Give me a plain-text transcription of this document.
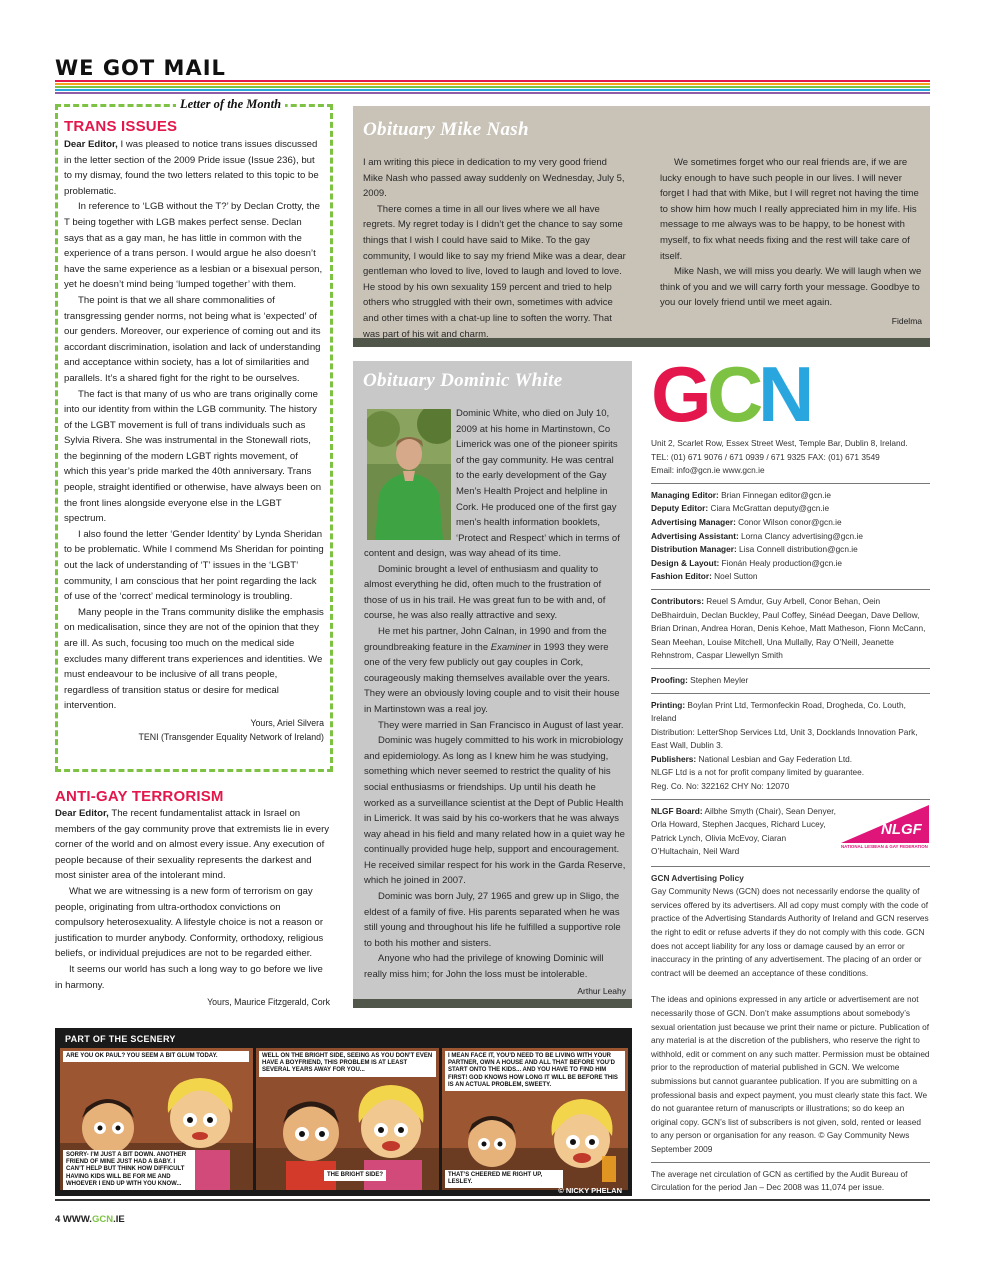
WE GOT MAIL
Letter of the Month
TRANS ISSUES

Dear Editor, I was pleased to notice trans issues discussed in the letter section of the 2009 Pride issue (Issue 236), but to my dismay, found the two letters related to this topic to be problematic.

In reference to ‘LGB without the T?’ by Declan Crotty, the T being together with LGB makes perfect sense. Declan says that as a gay man, he has little in common with the experience of a trans person. I would argue he also doesn’t have the same experience as a lesbian or a bisexual person, yet he doesn’t mind being ‘lumped together’ with them.

The point is that we all share commonalities of transgressing gender norms, not being what is ‘expected’ of our genders. Moreover, our experience of coming out and its accordant discrimination, isolation and lack of understanding and acceptance within society, has a lot of similarities and parallels. It’s a shared fight for the right to be ourselves.

The fact is that many of us who are trans originally come into our identity from within the LGB community. The history of the LGBT movement is full of trans individuals such as Sylvia Rivera. She was instrumental in the Stonewall riots, the beginning of the modern LGBT rights movement, of which this year’s pride marked the 40th anniversary. Trans people, straight identified or otherwise, have always been on the front lines alongside everyone else in the LGBT spectrum.

I also found the letter ‘Gender Identity’ by Lynda Sheridan to be problematic. While I commend Ms Sheridan for pointing out the lack of understanding of ‘T’ issues in the ‘LGBT’ community, I am conscious that her point regarding the lack of use of the ‘correct’ medical terminology is troubling.

Many people in the Trans community dislike the emphasis on medicalisation, since they are not of the opinion that they are ill. As such, focusing too much on the medical side excludes many different trans experiences and identities. We must endeavour to be inclusive of all trans people, regardless of transition status or desire for medical intervention.

Yours, Ariel Silvera
TENI (Transgender Equality Network of Ireland)
ANTI-GAY TERRORISM

Dear Editor, The recent fundamentalist attack in Israel on members of the gay community prove that extremists lie in every corner of the world and on almost every issue. Any execution of people because of their sexuality represents the darkest and most sinister area of the intolerant mind.

What we are witnessing is a new form of terrorism on gay people, originating from ultra-orthodox convictions on compulsory heterosexuality. A lifestyle choice is not a reason or justification to murder anybody. Conformity, orthodoxy, religious beliefs, or individual prejudices are not to be regarded either.

It seems our world has such a long way to go before we live in harmony.

Yours, Maurice Fitzgerald, Cork
Obituary Mike Nash

I am writing this piece in dedication to my very good friend Mike Nash who passed away suddenly on Wednesday, July 5, 2009.

There comes a time in all our lives where we all have regrets. My regret today is I didn’t get the chance to say some things that I wish I could have said to Mike. To the gay community, I would like to say my friend Mike was a dear, dear gentleman who loved to live, loved to laugh and loved to love. He stood by his own sexuality 159 percent and tried to help others who struggled with their own, sometimes with advice and other times with a chat-up line to soften the worry. That was part of his wit and charm.

We sometimes forget who our real friends are, if we are lucky enough to have such people in our lives. I will never forget I had that with Mike, but I will regret not having the time to show him how much I really appreciated him in my life. His message to me always was to be happy, to be honest with myself, to fix what needs fixing and the rest will take care of itself.

Mike Nash, we will miss you dearly. We will laugh when we think of you and we will carry forth your message. Goodbye to you our lovely friend until we meet again.

Fidelma
Obituary Dominic White
Dominic White, who died on July 10,
2009 at his home in Martinstown, Co
Limerick was one of the pioneer spirits
of the gay community. He was central
to the early development of the Gay
Men’s Health Project and helpline in
Cork. He produced one of the first gay
men’s health information booklets,
‘Protect and Respect’ which in terms of

content and design, was way ahead of its time.

Dominic brought a level of enthusiasm and quality to almost everything he did, often much to the frustration of those of us in his trail. He was great fun to be with and, of course, he was also really attractive and sexy.

He met his partner, John Calnan, in 1990 and from the groundbreaking feature in the Examiner in 1993 they were one of the very few publicly out gay couples in Cork, courageously making themselves available over the years. They were an obviously loving couple and to visit their house in Martinstown was a real joy.

They were married in San Francisco in August of last year.

Dominic was hugely committed to his work in microbiology and epidemiology. As long as I knew him he was studying, something which never seemed to restrict the quality of his social enthusiasms or friendships. Up until his death he worked as a surveillance scientist at the Dept of Public Health in Limerick. It was said by his co-workers that he was always way ahead in his field and many related how in a quiet way he continually provided huge help, support and encouragement. He received similar respect for his work in the Garda Reserve, which he joined in 2007.

Dominic was born July, 27 1965 and grew up in Sligo, the eldest of a family of five. His parents separated when he was still young and throughout his life he fulfilled a supportive role to both his mother and sisters.

Anyone who had the privilege of knowing Dominic will really miss him; for John the loss must be intolerable.

Arthur Leahy
G C N
Unit 2, Scarlet Row, Essex Street West, Temple Bar, Dublin 8, Ireland.
TEL: (01) 671 9076 / 671 0939 / 671 9325 FAX: (01) 671 3549
Email: info@gcn.ie www.gcn.ie
Managing Editor: Brian Finnegan editor@gcn.ie
Deputy Editor: Ciara McGrattan deputy@gcn.ie
Advertising Manager: Conor Wilson conor@gcn.ie
Advertising Assistant: Lorna Clancy advertising@gcn.ie
Distribution Manager: Lisa Connell distribution@gcn.ie
Design & Layout: Fionán Healy production@gcn.ie
Fashion Editor: Noel Sutton
Contributors: Reuel S Amdur, Guy Arbell, Conor Behan, Oein DeBhairduin, Declan Buckley, Paul Coffey, Sinéad Deegan, Dave Dellow, Brian Drinan, Andrea Horan, Denis Kehoe, Matt Matheson, Fionn McCann, Sean Meehan, Louise Mitchell, Una Mullally, Ray O’Neill, Jeanette Rehnstrom, Caspar Llewellyn Smith
Proofing: Stephen Meyler
Printing: Boylan Print Ltd, Termonfeckin Road, Drogheda, Co. Louth, Ireland
Distribution: LetterShop Services Ltd, Unit 3, Docklands Innovation Park, East Wall, Dublin 3.
Publishers: National Lesbian and Gay Federation Ltd.
NLGF Ltd is a not for profit company limited by guarantee.
Reg. Co. No: 322162 CHY No: 12070
NLGF Board: Ailbhe Smyth (Chair), Sean Denyer, Orla Howard, Stephen Jacques, Richard Lucey, Patrick Lynch, Olivia McEvoy, Ciaran O’Hultachain, Neil Ward
NLGF
NATIONAL LESBIAN & GAY FEDERATION
GCN Advertising Policy
Gay Community News (GCN) does not necessarily endorse the quality of services offered by its advertisers. All ad copy must comply with the code of practice of the Advertising Standards Authority of Ireland and GCN reserves the right to edit or refuse adverts if they do not comply with this code. GCN does not accept liability for any loss or damage caused by an error or inaccuracy in the printing of any advertisement. The placing of an order or contract will be deemed an acceptance of these conditions.
The ideas and opinions expressed in any article or advertisement are not necessarily those of GCN. Don’t make assumptions about somebody’s sexual orientation just because we print their name or picture. Publication of any material is at the discretion of the publishers, who reserve the right to withhold, edit or comment on any such matter. Permission must be obtained prior to the reproduction of material published in GCN. We welcome submissions but cannot guarantee publication. If you are submitting on a professional basis and expect payment, you must clearly state this fact. We do not guarantee return of manuscripts or illustrations; so do keep an original copy. GCN’s list of subscribers is not given, sold, rented or leased to any person or organisation for any reason. © Gay Community News September 2009
The average net circulation of GCN as certified by the Audit Bureau of Circulation for the period Jan – Dec 2008 was 11,074 per issue.
PART OF THE SCENERY
ARE YOU OK PAUL? YOU SEEM A BIT GLUM TODAY.
SORRY- I’M JUST A BIT DOWN. ANOTHER FRIEND OF MINE JUST HAD A BABY. I CAN’T HELP BUT THINK HOW DIFFICULT HAVING KIDS WILL BE FOR ME AND WHOEVER I END UP WITH YOU KNOW...
WELL ON THE BRIGHT SIDE, SEEING AS YOU DON’T EVEN HAVE A BOYFRIEND, THIS PROBLEM IS AT LEAST SEVERAL YEARS AWAY FOR YOU...
THE BRIGHT SIDE?
I MEAN FACE IT, YOU’D NEED TO BE LIVING WITH YOUR PARTNER, OWN A HOUSE AND ALL THAT BEFORE YOU’D START ONTO THE KIDS... AND YOU HAVE TO FIND HIM FIRST! GOD KNOWS HOW LONG IT WILL BE BEFORE THIS IS AN ACTUAL PROBLEM, SWEETY.
THAT’S CHEERED ME RIGHT UP, LESLEY.
© NICKY PHELAN
4 WWW.GCN.IE
